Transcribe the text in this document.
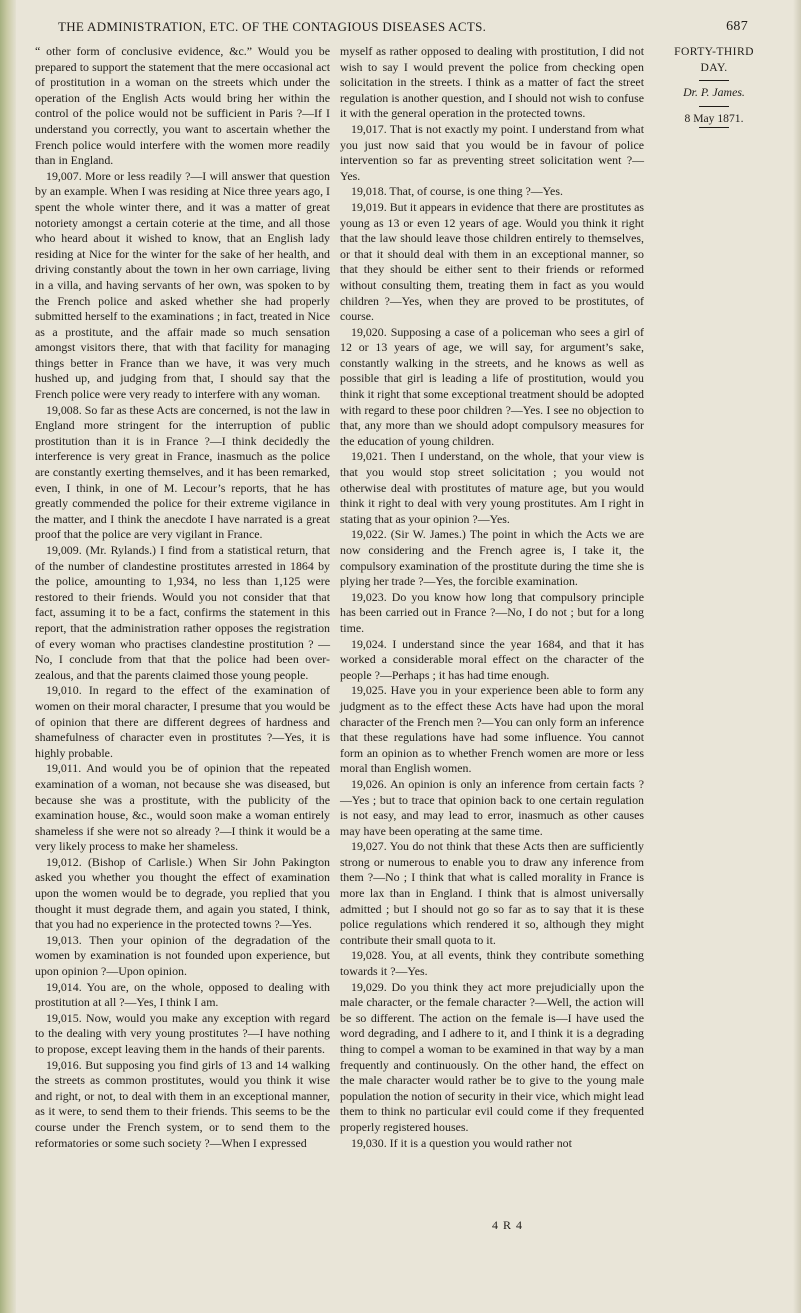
THE ADMINISTRATION, ETC. OF THE CONTAGIOUS DISEASES ACTS.	687

“ other form of conclusive evidence, &c.” Would you be prepared to support the statement that the mere occasional act of prostitution in a woman on the streets which under the operation of the English Acts would bring her within the control of the police would not be sufficient in Paris ?—If I understand you correctly, you want to ascertain whether the French police would interfere with the women more readily than in England.

19,007. More or less readily ?—I will answer that question by an example. When I was residing at Nice three years ago, I spent the whole winter there, and it was a matter of great notoriety amongst a certain coterie at the time, and all those who heard about it wished to know, that an English lady residing at Nice for the winter for the sake of her health, and driving constantly about the town in her own carriage, living in a villa, and having servants of her own, was spoken to by the French police and asked whether she had properly submitted herself to the examinations ; in fact, treated in Nice as a prostitute, and the affair made so much sensation amongst visitors there, that with that facility for managing things better in France than we have, it was very much hushed up, and judging from that, I should say that the French police were very ready to interfere with any woman.

19,008. So far as these Acts are concerned, is not the law in England more stringent for the interruption of public prostitution than it is in France ?—I think decidedly the interference is very great in France, inasmuch as the police are constantly exerting themselves, and it has been remarked, even, I think, in one of M. Lecour’s reports, that he has greatly commended the police for their extreme vigilance in the matter, and I think the anecdote I have narrated is a great proof that the police are very vigilant in France.

19,009. (Mr. Rylands.) I find from a statistical return, that of the number of clandestine prostitutes arrested in 1864 by the police, amounting to 1,934, no less than 1,125 were restored to their friends. Would you not consider that that fact, assuming it to be a fact, confirms the statement in this report, that the administration rather opposes the registration of every woman who practises clandestine prostitution ? —No, I conclude from that that the police had been over-zealous, and that the parents claimed those young people.

19,010. In regard to the effect of the examination of women on their moral character, I presume that you would be of opinion that there are different degrees of hardness and shamefulness of character even in prostitutes ?—Yes, it is highly probable.

19,011. And would you be of opinion that the repeated examination of a woman, not because she was diseased, but because she was a prostitute, with the publicity of the examination house, &c., would soon make a woman entirely shameless if she were not so already ?—I think it would be a very likely process to make her shameless.

19,012. (Bishop of Carlisle.) When Sir John Pakington asked you whether you thought the effect of examination upon the women would be to degrade, you replied that you thought it must degrade them, and again you stated, I think, that you had no experience in the protected towns ?—Yes.

19,013. Then your opinion of the degradation of the women by examination is not founded upon experience, but upon opinion ?—Upon opinion.

19,014. You are, on the whole, opposed to dealing with prostitution at all ?—Yes, I think I am.

19,015. Now, would you make any exception with regard to the dealing with very young prostitutes ?—I have nothing to propose, except leaving them in the hands of their parents.

19,016. But supposing you find girls of 13 and 14 walking the streets as common prostitutes, would you think it wise and right, or not, to deal with them in an exceptional manner, as it were, to send them to their friends. This seems to be the course under the French system, or to send them to the reformatories or some such society ?—When I expressed

myself as rather opposed to dealing with prostitution, I did not wish to say I would prevent the police from checking open solicitation in the streets. I think as a matter of fact the street regulation is another question, and I should not wish to confuse it with the general operation in the protected towns.

19,017. That is not exactly my point. I understand from what you just now said that you would be in favour of police intervention so far as preventing street solicitation went ?—Yes.

19,018. That, of course, is one thing ?—Yes.

19,019. But it appears in evidence that there are prostitutes as young as 13 or even 12 years of age. Would you think it right that the law should leave those children entirely to themselves, or that it should deal with them in an exceptional manner, so that they should be either sent to their friends or reformed without consulting them, treating them in fact as you would children ?—Yes, when they are proved to be prostitutes, of course.

19,020. Supposing a case of a policeman who sees a girl of 12 or 13 years of age, we will say, for argument’s sake, constantly walking in the streets, and he knows as well as possible that girl is leading a life of prostitution, would you think it right that some exceptional treatment should be adopted with regard to these poor children ?—Yes. I see no objection to that, any more than we should adopt compulsory measures for the education of young children.

19,021. Then I understand, on the whole, that your view is that you would stop street solicitation ; you would not otherwise deal with prostitutes of mature age, but you would think it right to deal with very young prostitutes. Am I right in stating that as your opinion ?—Yes.

19,022. (Sir W. James.) The point in which the Acts we are now considering and the French agree is, I take it, the compulsory examination of the prostitute during the time she is plying her trade ?—Yes, the forcible examination.

19,023. Do you know how long that compulsory principle has been carried out in France ?—No, I do not ; but for a long time.

19,024. I understand since the year 1684, and that it has worked a considerable moral effect on the character of the people ?—Perhaps ; it has had time enough.

19,025. Have you in your experience been able to form any judgment as to the effect these Acts have had upon the moral character of the French men ?—You can only form an inference that these regulations have had some influence. You cannot form an opinion as to whether French women are more or less moral than English women.

19,026. An opinion is only an inference from certain facts ?—Yes ; but to trace that opinion back to one certain regulation is not easy, and may lead to error, inasmuch as other causes may have been operating at the same time.

19,027. You do not think that these Acts then are sufficiently strong or numerous to enable you to draw any inference from them ?—No ; I think that what is called morality in France is more lax than in England. I think that is almost universally admitted ; but I should not go so far as to say that it is these police regulations which rendered it so, although they might contribute their small quota to it.

19,028. You, at all events, think they contribute something towards it ?—Yes.

19,029. Do you think they act more prejudicially upon the male character, or the female character ?—Well, the action will be so different. The action on the female is—I have used the word degrading, and I adhere to it, and I think it is a degrading thing to compel a woman to be examined in that way by a man frequently and continuously. On the other hand, the effect on the male character would rather be to give to the young male population the notion of security in their vice, which might lead them to think no particular evil could come if they frequented properly registered houses.

19,030. If it is a question you would rather not

FORTY-THIRD DAY.
Dr. P. James.
8 May 1871.
4 R 4
